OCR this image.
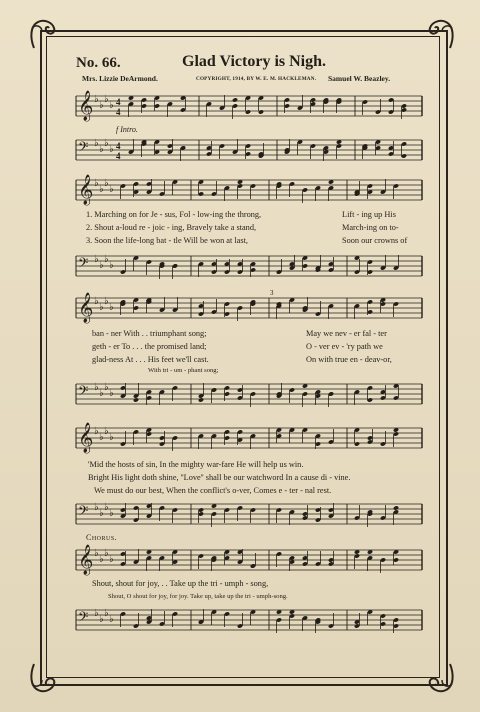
No. 66.	Glad Victory is Nigh.
Mrs. Lizzie DeArmond.	COPYRIGHT, 1914, BY W. E. M. HACKLEMAN. Samuel W. Beazley.
𝄞 ♭
♭
♭
♭ 4
4
𝄢 ♭
♭
♭
♭ 4
4
𝄞 ♭
♭
♭
♭
𝄢 ♭
♭
♭
♭
𝄞 ♭
♭
♭
♭
𝄢 ♭
♭
♭
♭
𝄞 ♭
♭
♭
♭
𝄢 ♭
♭
♭
♭
𝄞 ♭
♭
♭
♭
𝄢 ♭
♭
♭
♭
f Intro.
1. Marching on for Je - sus, Fol - low-ing the throng,	Lift - ing up His
2. Shout a-loud re - joic - ing, Bravely take a stand,	March-ing on to-
3. Soon the life-long bat - tle Will be won at last,	Soon our crowns of
3
ban - ner With . . triumphant song;	May we nev - er fal - ter
geth - er To . . . the promised land;	O - ver ev - 'ry path we
glad-ness At . . . His feet we'll cast.	On with true en - deav-or,
With tri - um - phant song;
'Mid the hosts of sin, In the mighty war-fare He will help us win.
Bright His light doth shine, ''Love'' shall be our watchword In a cause di - vine.
We must do our best, When the conflict's o-ver, Comes e - ter - nal rest.
Chorus.
Shout, shout for joy, . . Take up the tri - umph - song,
Shout, O shout for joy, for joy. Take up, take up the tri - umph-song.
